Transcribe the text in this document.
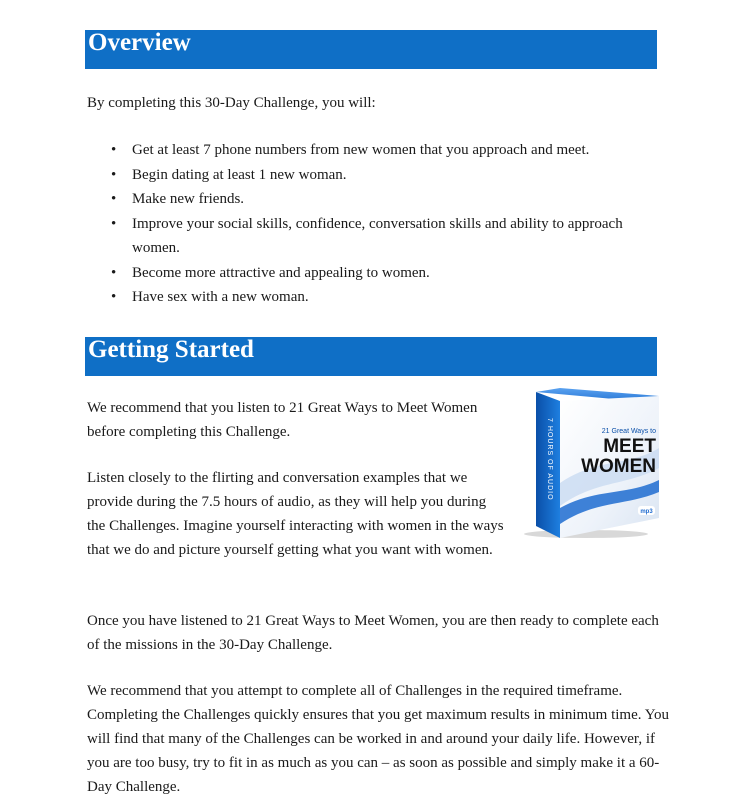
Overview

By completing this 30-Day Challenge, you will:

• Get at least 7 phone numbers from new women that you approach and meet.
• Begin dating at least 1 new woman.
• Make new friends.
• Improve your social skills, confidence, conversation skills and ability to approach women.
• Become more attractive and appealing to women.
• Have sex with a new woman.
Getting Started

We recommend that you listen to 21 Great Ways to Meet Women before completing this Challenge.

Listen closely to the flirting and conversation examples that we provide during the 7.5 hours of audio, as they will help you during the Challenges. Imagine yourself interacting with women in the ways that we do and picture yourself getting what you want with women.

Once you have listened to 21 Great Ways to Meet Women, you are then ready to complete each of the missions in the 30-Day Challenge.

We recommend that you attempt to complete all of Challenges in the required timeframe. Completing the Challenges quickly ensures that you get maximum results in minimum time. You will find that many of the Challenges can be worked in and around your daily life. However, if you are too busy, try to fit in as much as you can – as soon as possible and simply make it a 60-Day Challenge.

7 HOURS OF AUDIO	21 Great Ways to
MEET
WOMEN
mp3
